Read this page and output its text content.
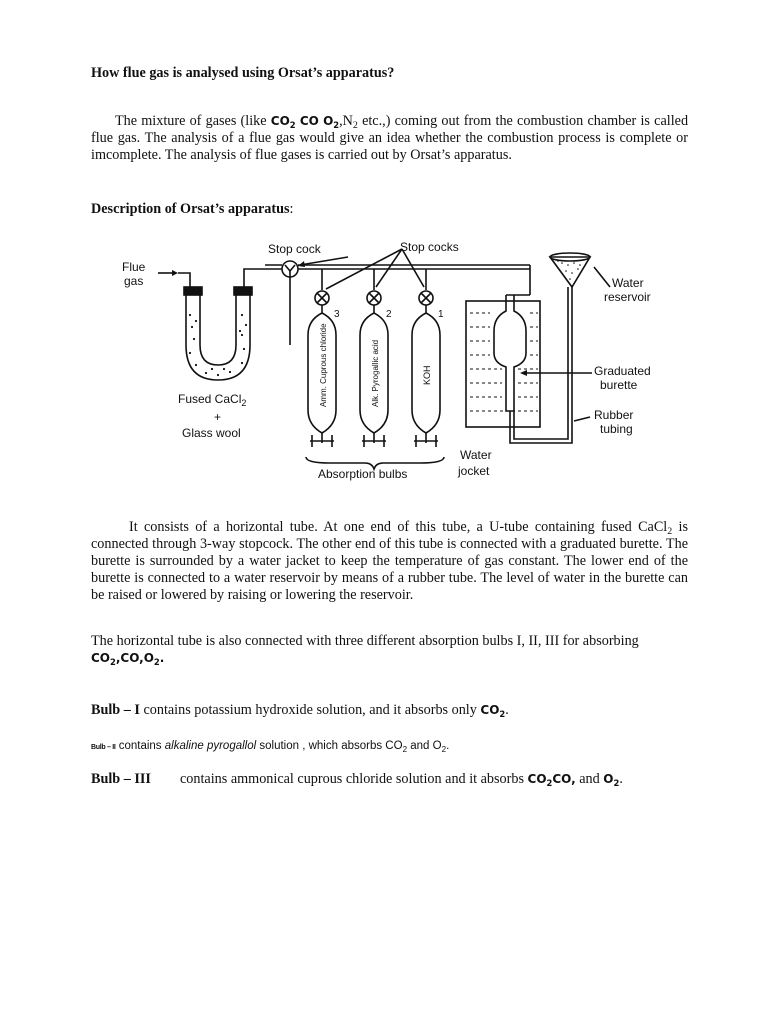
How flue gas is analysed using Orsat’s apparatus?
The mixture of gases (like $CO_2$ CO $O_2,N_2$ etc.,) coming out from the combustion chamber is called flue gas. The analysis of a flue gas would give an idea whether the combustion process is complete or imcomplete. The analysis of flue gases is carried out by Orsat’s apparatus.
Description of Orsat’s apparatus:
Flue
gas
Stop cock	Stop cocks
Water
reservoir
Graduated
burette
Rubber
tubing
Fused CaCl$_2$
+
Glass wool
Absorption bulbs
Water
jocket
3	2	1
Amm. Cuprous chloride	Alk. Pyrogallic acid	KOH
It consists of a horizontal tube. At one end of this tube, a U-tube containing fused CaCl$_2$ is connected through 3-way stopcock. The other end of this tube is connected with a graduated burette. The burette is surrounded by a water jacket to keep the temperature of gas constant. The lower end of the burette is connected to a water reservoir by means of a rubber tube. The level of water in the burette can be raised or lowered by raising or lowering the reservoir.
The horizontal tube is also connected with three different absorption bulbs I, II, III for absorbing
$CO_2,CO,O_2$.
Bulb – I contains potassium hydroxide solution, and it absorbs only $CO_2$.
Bulb – II contains alkaline pyrogallol solution , which absorbs $CO_2$ and $O_2$.
Bulb – III contains ammonical cuprous chloride solution and it absorbs $CO_2CO$, and $O_2$.
